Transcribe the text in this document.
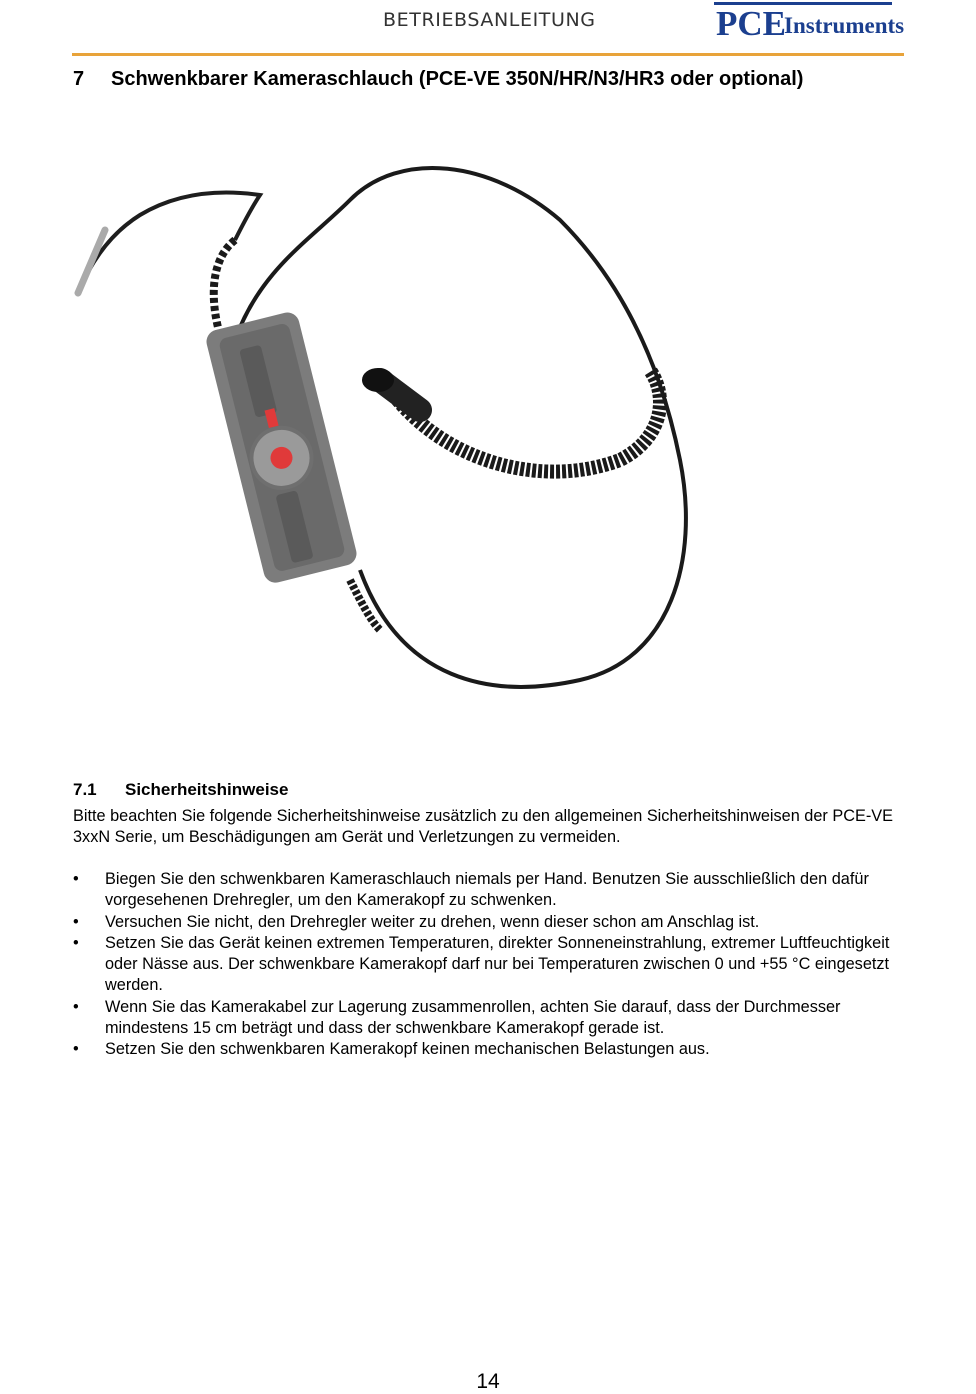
BETRIEBSANLEITUNG	PCE
Instruments
7 Schwenkbarer Kameraschlauch (PCE-VE 350N/HR/N3/HR3 oder optional)
7.1 Sicherheitshinweise

Bitte beachten Sie folgende Sicherheitshinweise zusätzlich zu den allgemeinen Sicherheitshinweisen der PCE-VE 3xxN Serie, um Beschädigungen am Gerät und Verletzungen zu vermeiden.

• Biegen Sie den schwenkbaren Kameraschlauch niemals per Hand. Benutzen Sie ausschließlich den dafür vorgesehenen Drehregler, um den Kamerakopf zu schwenken.
• Versuchen Sie nicht, den Drehregler weiter zu drehen, wenn dieser schon am Anschlag ist.
• Setzen Sie das Gerät keinen extremen Temperaturen, direkter Sonneneinstrahlung, extremer Luftfeuchtigkeit oder Nässe aus. Der schwenkbare Kamerakopf darf nur bei Temperaturen zwischen 0 und +55 °C eingesetzt werden.
• Wenn Sie das Kamerakabel zur Lagerung zusammenrollen, achten Sie darauf, dass der Durchmesser mindestens 15 cm beträgt und dass der schwenkbare Kamerakopf gerade ist.
• Setzen Sie den schwenkbaren Kamerakopf keinen mechanischen Belastungen aus.
14
